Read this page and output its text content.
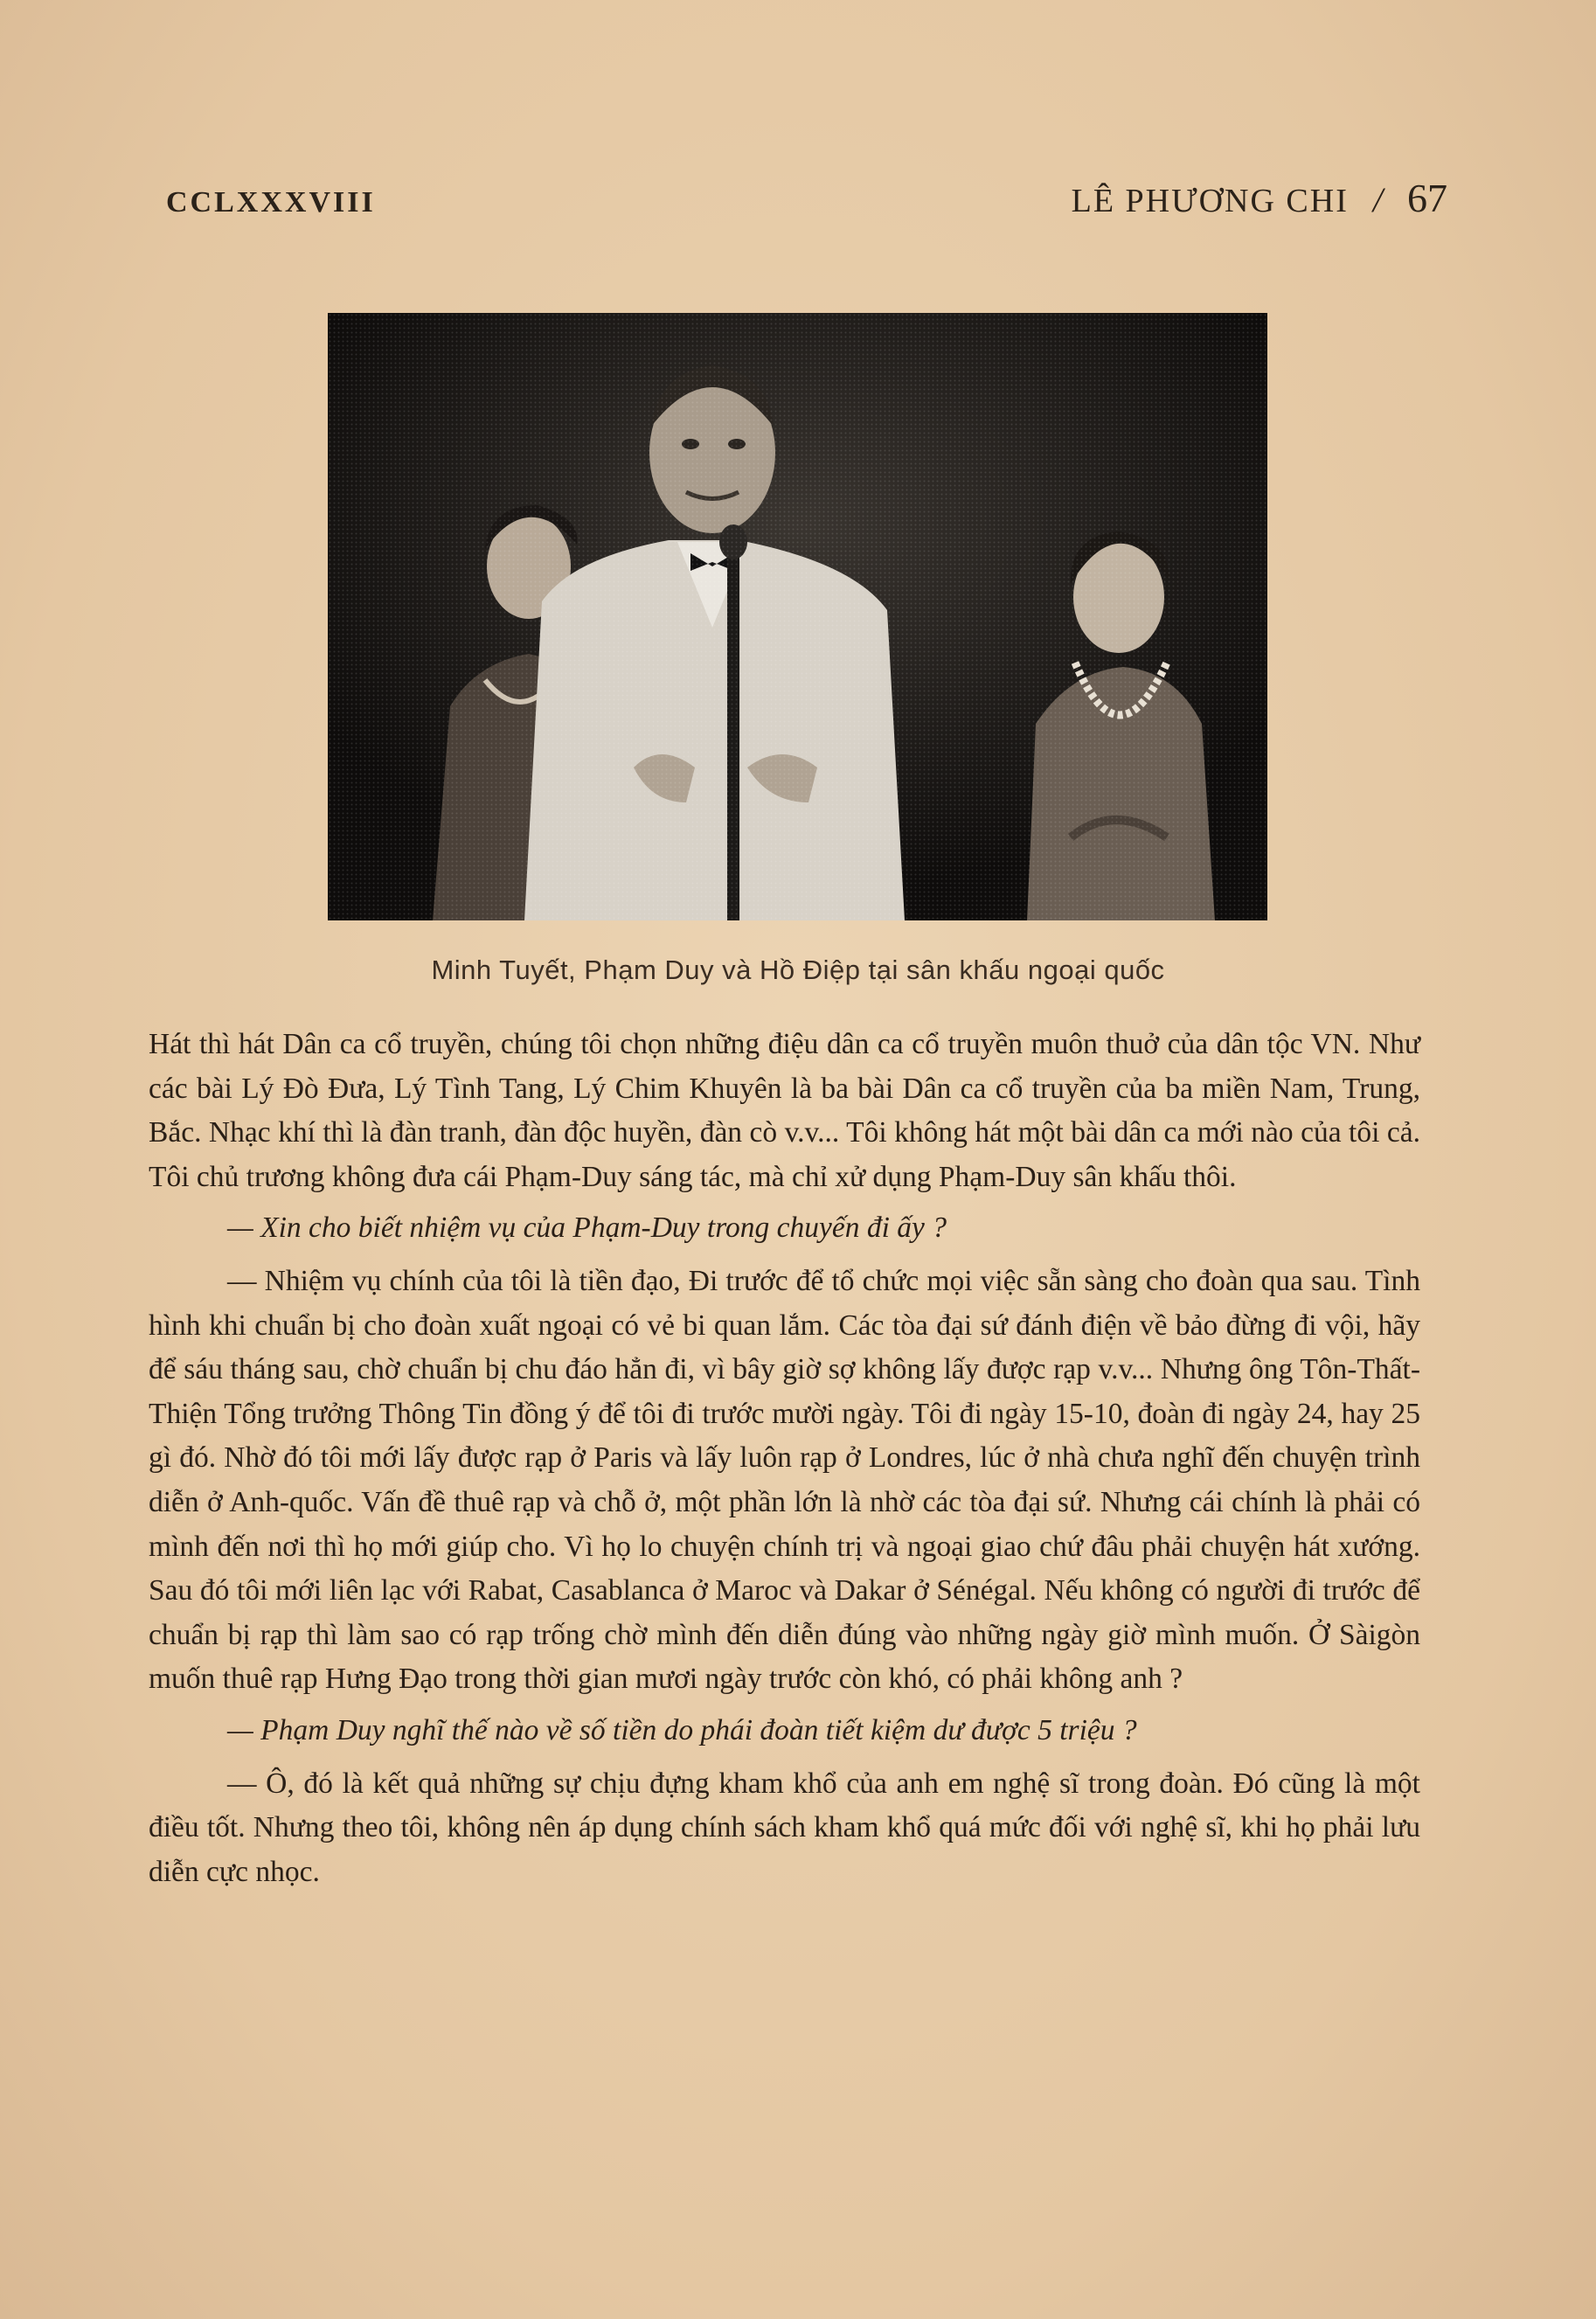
CCLXXXVIII	LÊ PHƯƠNG CHI / 67
Minh Tuyết, Phạm Duy và Hồ Điệp tại sân khấu ngoại quốc

Hát thì hát Dân ca cổ truyền, chúng tôi chọn những điệu dân ca cổ truyền muôn thuở của dân tộc VN. Như các bài Lý Đò Đưa, Lý Tình Tang, Lý Chim Khuyên là ba bài Dân ca cổ truyền của ba miền Nam, Trung, Bắc. Nhạc khí thì là đàn tranh, đàn độc huyền, đàn cò v.v... Tôi không hát một bài dân ca mới nào của tôi cả. Tôi chủ trương không đưa cái Phạm-Duy sáng tác, mà chỉ xử dụng Phạm-Duy sân khấu thôi.

— Xin cho biết nhiệm vụ của Phạm-Duy trong chuyến đi ấy ?

— Nhiệm vụ chính của tôi là tiền đạo, Đi trước để tổ chức mọi việc sẵn sàng cho đoàn qua sau. Tình hình khi chuẩn bị cho đoàn xuất ngoại có vẻ bi quan lắm. Các tòa đại sứ đánh điện về bảo đừng đi vội, hãy để sáu tháng sau, chờ chuẩn bị chu đáo hẳn đi, vì bây giờ sợ không lấy được rạp v.v... Nhưng ông Tôn-Thất-Thiện Tổng trưởng Thông Tin đồng ý để tôi đi trước mười ngày. Tôi đi ngày 15-10, đoàn đi ngày 24, hay 25 gì đó. Nhờ đó tôi mới lấy được rạp ở Paris và lấy luôn rạp ở Londres, lúc ở nhà chưa nghĩ đến chuyện trình diễn ở Anh-quốc. Vấn đề thuê rạp và chỗ ở, một phần lớn là nhờ các tòa đại sứ. Nhưng cái chính là phải có mình đến nơi thì họ mới giúp cho. Vì họ lo chuyện chính trị và ngoại giao chứ đâu phải chuyện hát xướng. Sau đó tôi mới liên lạc với Rabat, Casablanca ở Maroc và Dakar ở Sénégal. Nếu không có người đi trước để chuẩn bị rạp thì làm sao có rạp trống chờ mình đến diễn đúng vào những ngày giờ mình muốn. Ở Sàigòn muốn thuê rạp Hưng Đạo trong thời gian mươi ngày trước còn khó, có phải không anh ?

— Phạm Duy nghĩ thế nào về số tiền do phái đoàn tiết kiệm dư được 5 triệu ?

— Ô, đó là kết quả những sự chịu đựng kham khổ của anh em nghệ sĩ trong đoàn. Đó cũng là một điều tốt. Nhưng theo tôi, không nên áp dụng chính sách kham khổ quá mức đối với nghệ sĩ, khi họ phải lưu diễn cực nhọc.
